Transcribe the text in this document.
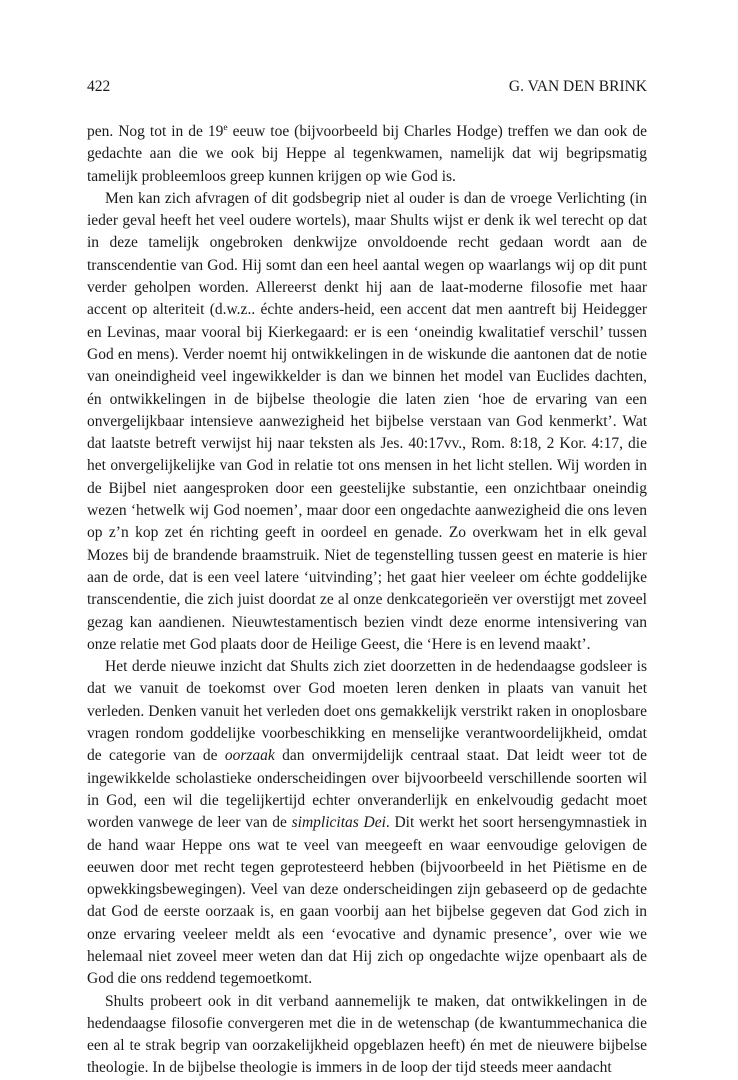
422	G. VAN DEN BRINK

pen. Nog tot in de 19e eeuw toe (bijvoorbeeld bij Charles Hodge) treffen we dan ook de gedachte aan die we ook bij Heppe al tegenkwamen, namelijk dat wij begripsmatig tamelijk probleemloos greep kunnen krijgen op wie God is.

Men kan zich afvragen of dit godsbegrip niet al ouder is dan de vroege Verlichting (in ieder geval heeft het veel oudere wortels), maar Shults wijst er denk ik wel terecht op dat in deze tamelijk ongebroken denkwijze onvoldoende recht gedaan wordt aan de transcendentie van God. Hij somt dan een heel aantal wegen op waarlangs wij op dit punt verder geholpen worden. Allereerst denkt hij aan de laat-moderne filosofie met haar accent op alteriteit (d.w.z.. échte anders-heid, een accent dat men aantreft bij Heidegger en Levinas, maar vooral bij Kierkegaard: er is een ‘oneindig kwalitatief verschil’ tussen God en mens). Verder noemt hij ontwikkelingen in de wiskunde die aantonen dat de notie van oneindigheid veel ingewikkelder is dan we binnen het model van Euclides dachten, én ontwikkelingen in de bijbelse theologie die laten zien ‘hoe de ervaring van een onvergelijkbaar intensieve aanwezigheid het bijbelse verstaan van God kenmerkt’. Wat dat laatste betreft verwijst hij naar teksten als Jes. 40:17vv., Rom. 8:18, 2 Kor. 4:17, die het onvergelijkelijke van God in relatie tot ons mensen in het licht stellen. Wij worden in de Bijbel niet aangesproken door een geestelijke substantie, een onzichtbaar oneindig wezen ‘hetwelk wij God noemen’, maar door een ongedachte aanwezigheid die ons leven op z’n kop zet én richting geeft in oordeel en genade. Zo overkwam het in elk geval Mozes bij de brandende braamstruik. Niet de tegenstelling tussen geest en materie is hier aan de orde, dat is een veel latere ‘uitvinding’; het gaat hier veeleer om échte goddelijke transcendentie, die zich juist doordat ze al onze denkcategorieën ver overstijgt met zoveel gezag kan aandienen. Nieuwtestamentisch bezien vindt deze enorme intensivering van onze relatie met God plaats door de Heilige Geest, die ‘Here is en levend maakt’.

Het derde nieuwe inzicht dat Shults zich ziet doorzetten in de hedendaagse godsleer is dat we vanuit de toekomst over God moeten leren denken in plaats van vanuit het verleden. Denken vanuit het verleden doet ons gemakkelijk verstrikt raken in onoplosbare vragen rondom goddelijke voorbeschikking en menselijke verantwoordelijkheid, omdat de categorie van de oorzaak dan onvermijdelijk centraal staat. Dat leidt weer tot de ingewikkelde scholastieke onderscheidingen over bijvoorbeeld verschillende soorten wil in God, een wil die tegelijkertijd echter onveranderlijk en enkelvoudig gedacht moet worden vanwege de leer van de simplicitas Dei. Dit werkt het soort hersengymnastiek in de hand waar Heppe ons wat te veel van meegeeft en waar eenvoudige gelovigen de eeuwen door met recht tegen geprotesteerd hebben (bijvoorbeeld in het Piëtisme en de opwekkingsbewegingen). Veel van deze onderscheidingen zijn gebaseerd op de gedachte dat God de eerste oorzaak is, en gaan voorbij aan het bijbelse gegeven dat God zich in onze ervaring veeleer meldt als een ‘evocative and dynamic presence’, over wie we helemaal niet zoveel meer weten dan dat Hij zich op ongedachte wijze openbaart als de God die ons reddend tegemoetkomt.

Shults probeert ook in dit verband aannemelijk te maken, dat ontwikkelingen in de hedendaagse filosofie convergeren met die in de wetenschap (de kwantummechanica die een al te strak begrip van oorzakelijkheid opgeblazen heeft) én met de nieuwere bijbelse theologie. In de bijbelse theologie is immers in de loop der tijd steeds meer aandacht
